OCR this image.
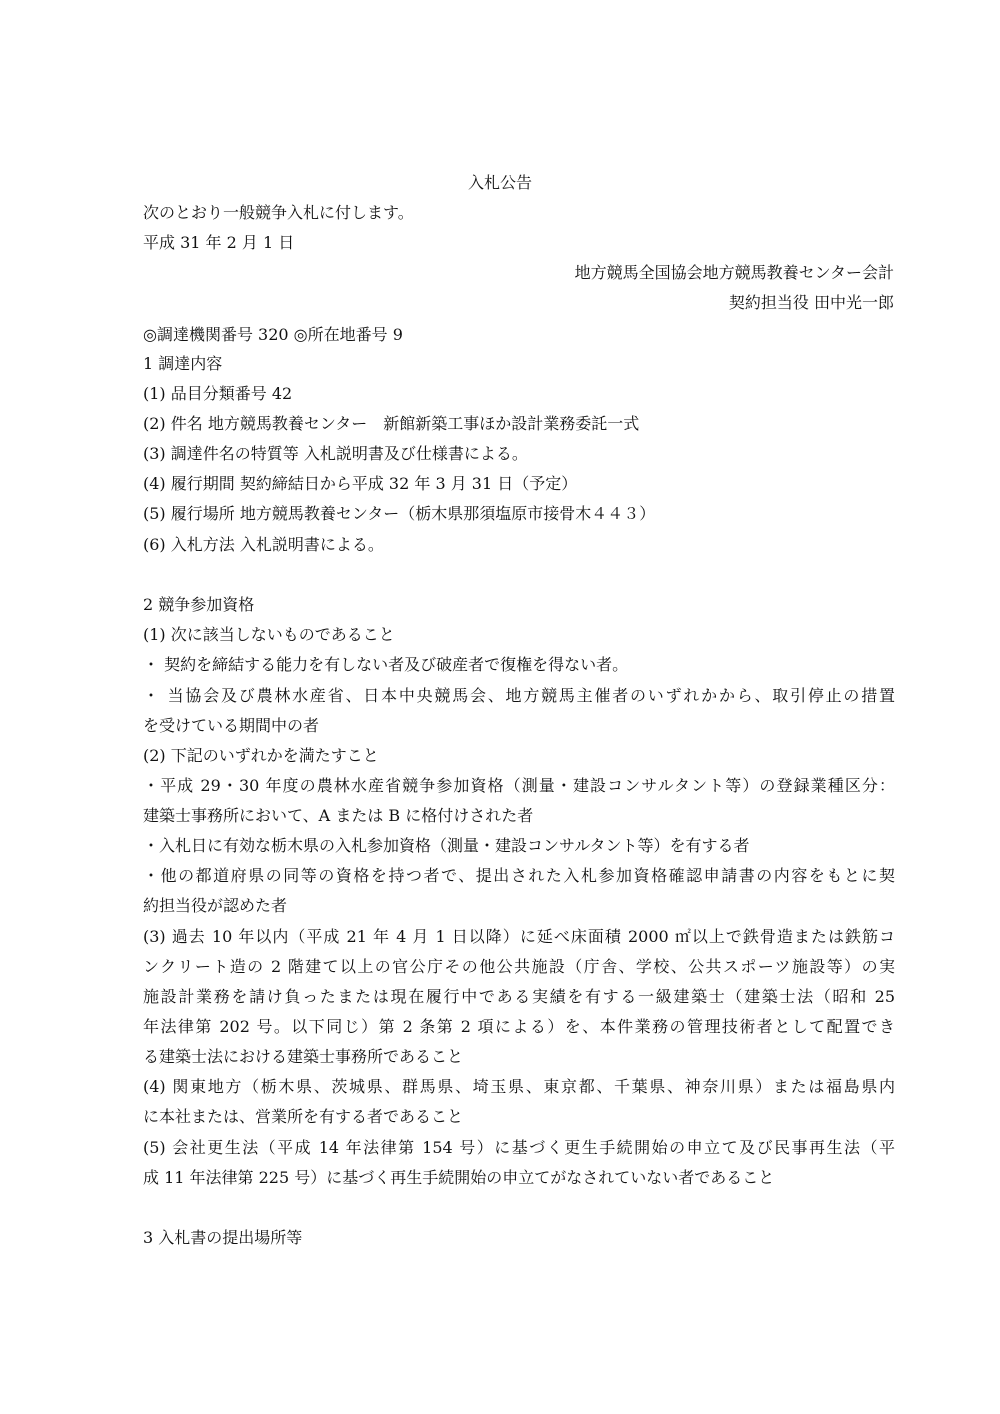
入札公告
次のとおり一般競争入札に付します。
平成 31 年 2 月 1 日
地方競馬全国協会地方競馬教養センター会計
契約担当役 田中光一郎
◎調達機関番号 320 ◎所在地番号 9
1 調達内容
(1) 品目分類番号 42
(2) 件名 地方競馬教養センター　新館新築工事ほか設計業務委託一式
(3) 調達件名の特質等 入札説明書及び仕様書による。
(4) 履行期間 契約締結日から平成 32 年 3 月 31 日（予定）
(5) 履行場所 地方競馬教養センター（栃木県那須塩原市接骨木４４３）
(6) 入札方法 入札説明書による。
2 競争参加資格
(1) 次に該当しないものであること
・ 契約を締結する能力を有しない者及び破産者で復権を得ない者。
・ 当協会及び農林水産省、日本中央競馬会、地方競馬主催者のいずれかから、取引停止の措置
を受けている期間中の者
(2) 下記のいずれかを満たすこと
・平成 29・30 年度の農林水産省競争参加資格（測量・建設コンサルタント等）の登録業種区分：
建築士事務所において、A または B に格付けされた者
・入札日に有効な栃木県の入札参加資格（測量・建設コンサルタント等）を有する者
・他の都道府県の同等の資格を持つ者で、提出された入札参加資格確認申請書の内容をもとに契
約担当役が認めた者
(3) 過去 10 年以内（平成 21 年 4 月 1 日以降）に延べ床面積 2000 ㎡以上で鉄骨造または鉄筋コ
ンクリート造の 2 階建て以上の官公庁その他公共施設（庁舎、学校、公共スポーツ施設等）の実
施設計業務を請け負ったまたは現在履行中である実績を有する一級建築士（建築士法（昭和 25
年法律第 202 号。以下同じ）第 2 条第 2 項による）を、本件業務の管理技術者として配置でき
る建築士法における建築士事務所であること
(4) 関東地方（栃木県、茨城県、群馬県、埼玉県、東京都、千葉県、神奈川県）または福島県内
に本社または、営業所を有する者であること
(5) 会社更生法（平成 14 年法律第 154 号）に基づく更生手続開始の申立て及び民事再生法（平
成 11 年法律第 225 号）に基づく再生手続開始の申立てがなされていない者であること
3 入札書の提出場所等
